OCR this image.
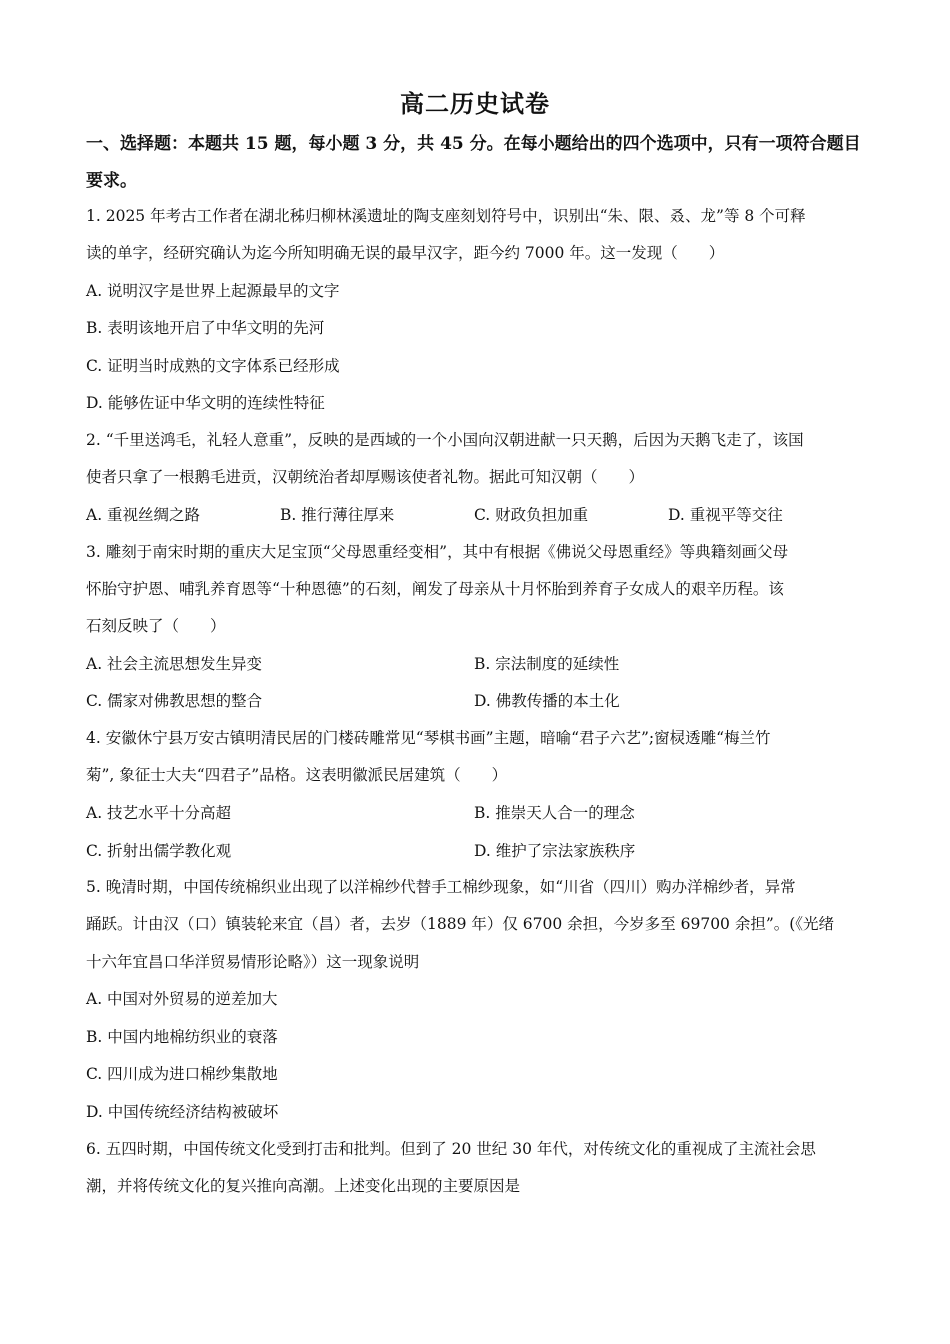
高二历史试卷
一、选择题：本题共 15 题，每小题 3 分，共 45 分。在每小题给出的四个选项中，只有一项符合题目要求。
1. 2025 年考古工作者在湖北秭归柳林溪遗址的陶支座刻划符号中，识别出“朱、限、叒、龙”等 8 个可释
读的单字，经研究确认为迄今所知明确无误的最早汉字，距今约 7000 年。这一发现（　　）
A. 说明汉字是世界上起源最早的文字
B. 表明该地开启了中华文明的先河
C. 证明当时成熟的文字体系已经形成
D. 能够佐证中华文明的连续性特征
2. “千里送鸿毛，礼轻人意重”，反映的是西域的一个小国向汉朝进献一只天鹅，后因为天鹅飞走了，该国
使者只拿了一根鹅毛进贡，汉朝统治者却厚赐该使者礼物。据此可知汉朝（　　）
A. 重视丝绸之路	B. 推行薄往厚来	C. 财政负担加重	D. 重视平等交往
3. 雕刻于南宋时期的重庆大足宝顶“父母恩重经变相”，其中有根据《佛说父母恩重经》等典籍刻画父母
怀胎守护恩、哺乳养育恩等“十种恩德”的石刻，阐发了母亲从十月怀胎到养育子女成人的艰辛历程。该
石刻反映了（　　）
A. 社会主流思想发生异变	B. 宗法制度的延续性
C. 儒家对佛教思想的整合	D. 佛教传播的本土化
4. 安徽休宁县万安古镇明清民居的门楼砖雕常见“琴棋书画”主题，暗喻“君子六艺”;窗棂透雕“梅兰竹
菊”, 象征士大夫“四君子”品格。这表明徽派民居建筑（　　）
A. 技艺水平十分高超	B. 推崇天人合一的理念
C. 折射出儒学教化观	D. 维护了宗法家族秩序
5. 晚清时期，中国传统棉织业出现了以洋棉纱代替手工棉纱现象，如“川省（四川）购办洋棉纱者，异常
踊跃。计由汉（口）镇装轮来宜（昌）者，去岁（1889 年）仅 6700 余担，今岁多至 69700 余担”。(《光绪
十六年宜昌口华洋贸易情形论略》）这一现象说明
A. 中国对外贸易的逆差加大
B. 中国内地棉纺织业的衰落
C. 四川成为进口棉纱集散地
D. 中国传统经济结构被破坏
6. 五四时期，中国传统文化受到打击和批判。但到了 20 世纪 30 年代，对传统文化的重视成了主流社会思
潮，并将传统文化的复兴推向高潮。上述变化出现的主要原因是
